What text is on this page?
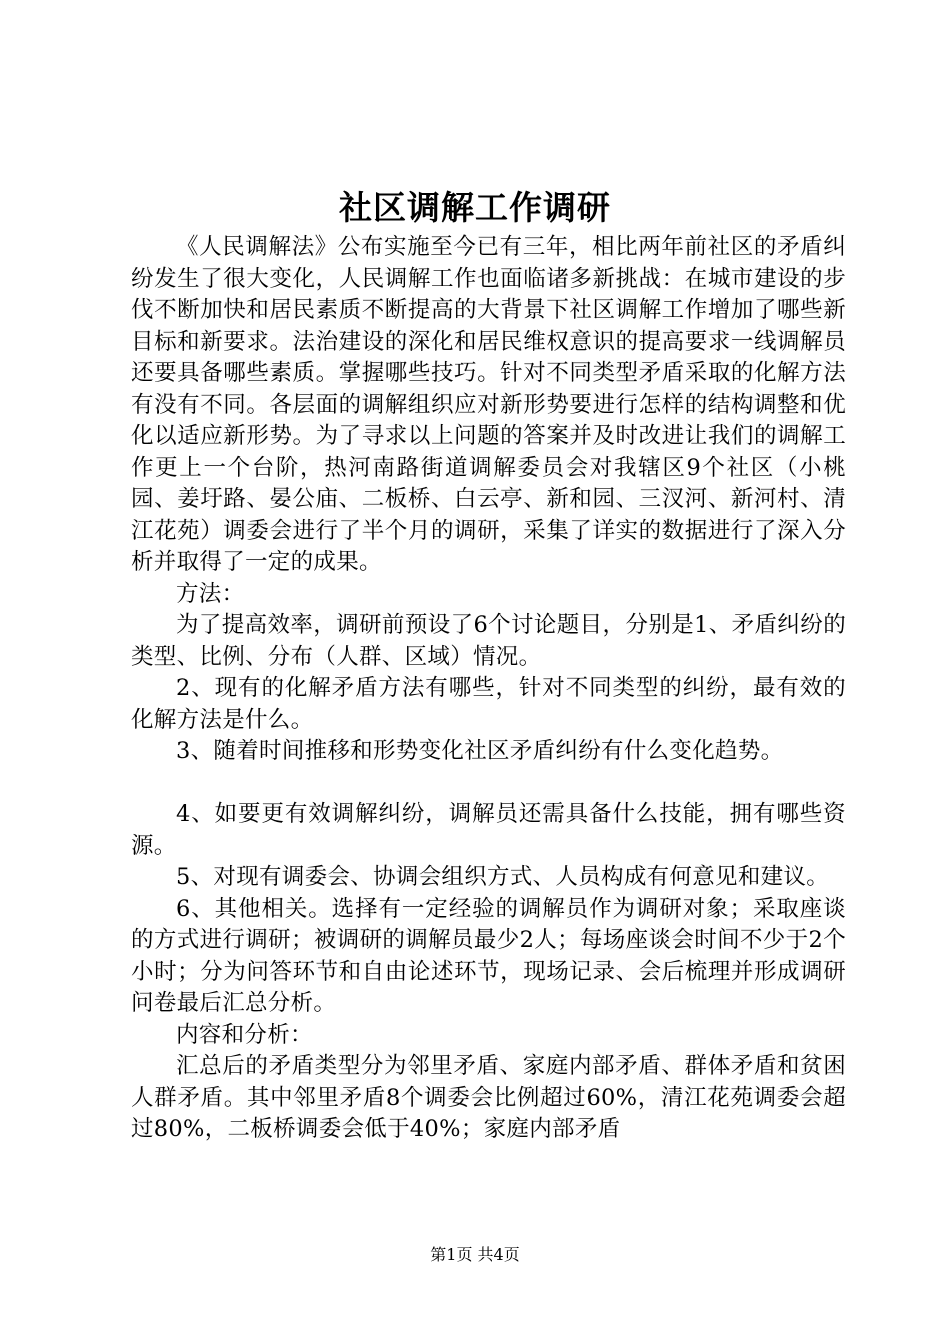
社区调解工作调研

《人民调解法》公布实施至今已有三年，相比两年前社区的矛盾纠纷发生了很大变化，人民调解工作也面临诸多新挑战：在城市建设的步伐不断加快和居民素质不断提高的大背景下社区调解工作增加了哪些新目标和新要求。法治建设的深化和居民维权意识的提高要求一线调解员还要具备哪些素质。掌握哪些技巧。针对不同类型矛盾采取的化解方法有没有不同。各层面的调解组织应对新形势要进行怎样的结构调整和优化以适应新形势。为了寻求以上问题的答案并及时改进让我们的调解工作更上一个台阶，热河南路街道调解委员会对我辖区9个社区（小桃园、姜圩路、晏公庙、二板桥、白云亭、新和园、三汊河、新河村、清江花苑）调委会进行了半个月的调研，采集了详实的数据进行了深入分析并取得了一定的成果。

方法：

为了提高效率，调研前预设了6个讨论题目，分别是1、矛盾纠纷的类型、比例、分布（人群、区域）情况。

2、现有的化解矛盾方法有哪些，针对不同类型的纠纷，最有效的化解方法是什么。

3、随着时间推移和形势变化社区矛盾纠纷有什么变化趋势。

4、如要更有效调解纠纷，调解员还需具备什么技能，拥有哪些资源。

5、对现有调委会、协调会组织方式、人员构成有何意见和建议。

6、其他相关。选择有一定经验的调解员作为调研对象；采取座谈的方式进行调研；被调研的调解员最少2人；每场座谈会时间不少于2个小时；分为问答环节和自由论述环节，现场记录、会后梳理并形成调研问卷最后汇总分析。

内容和分析：

汇总后的矛盾类型分为邻里矛盾、家庭内部矛盾、群体矛盾和贫困人群矛盾。其中邻里矛盾8个调委会比例超过60%，清江花苑调委会超过80%，二板桥调委会低于40%；家庭内部矛盾

第1页 共4页
